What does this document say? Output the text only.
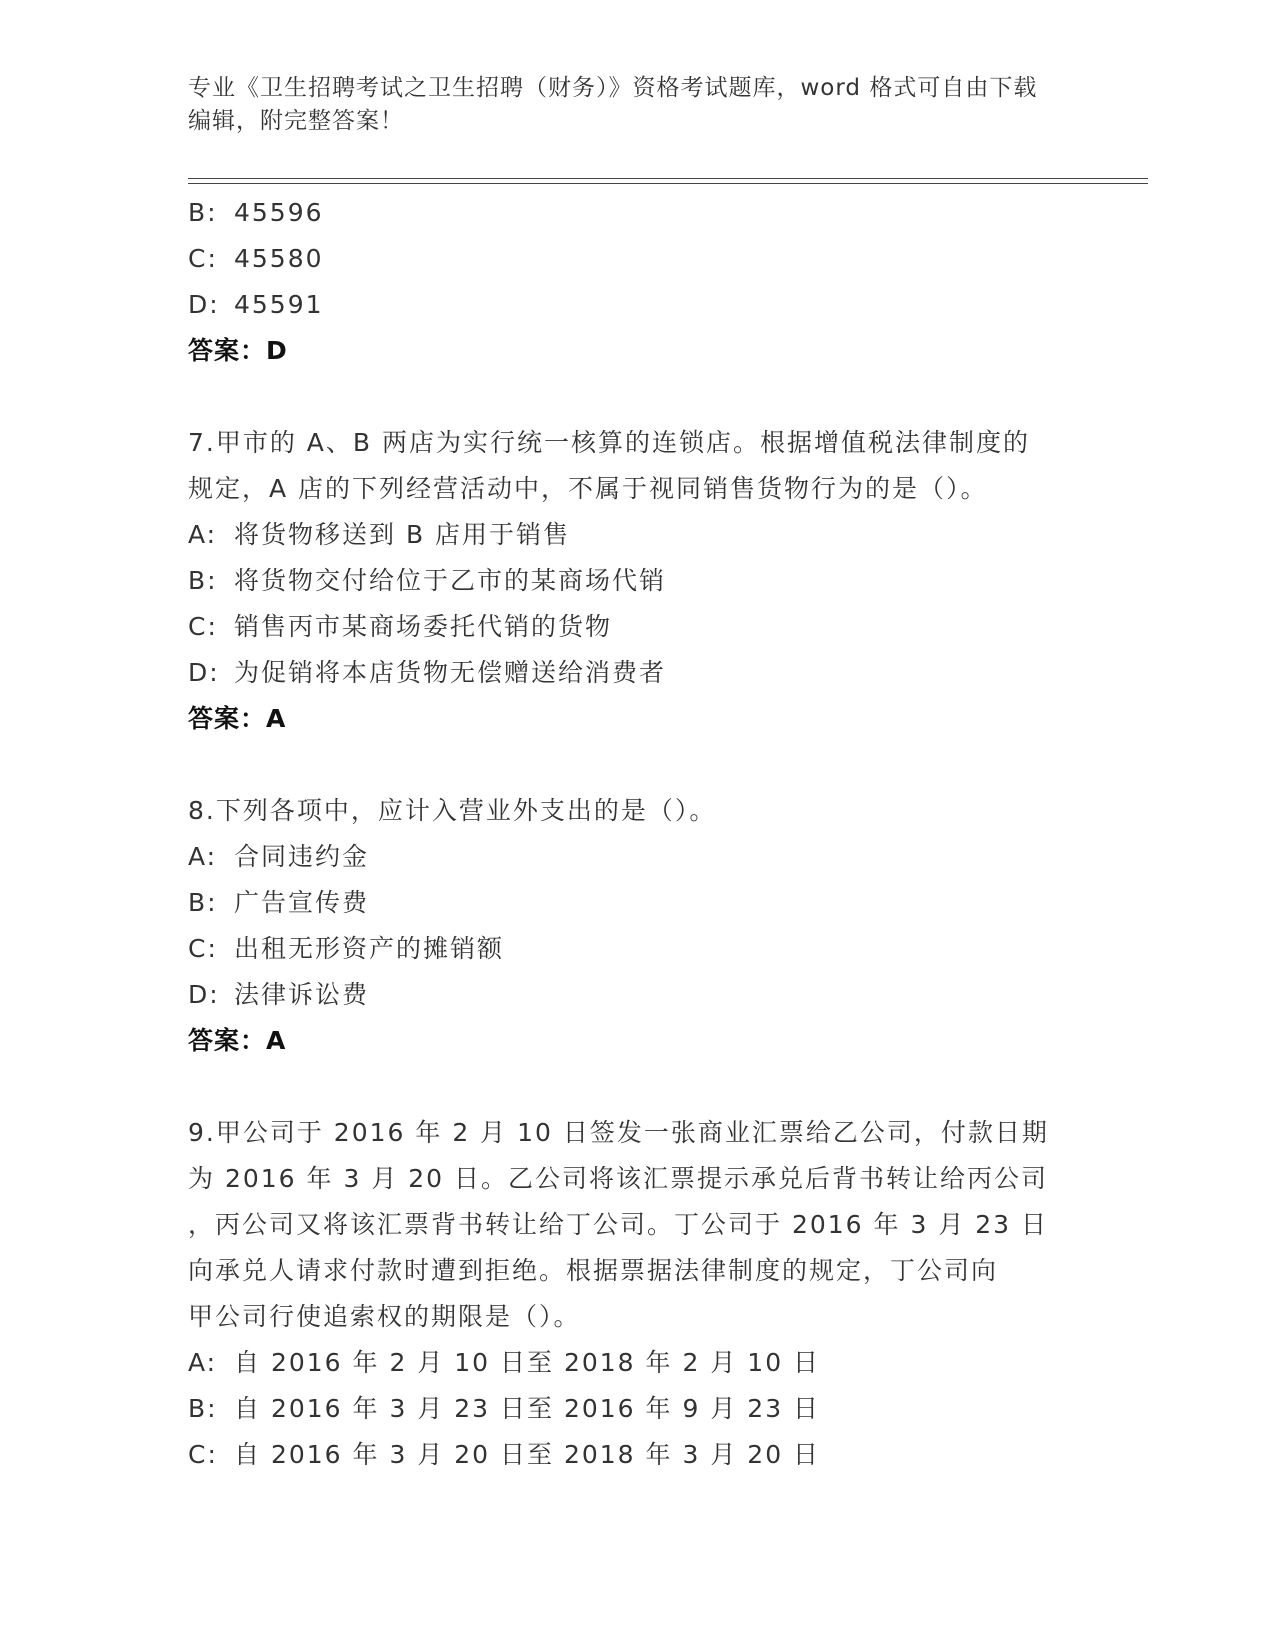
专业《卫生招聘考试之卫生招聘（财务）》资格考试题库，word 格式可自由下载
编辑，附完整答案！
B: 45596
C: 45580
D: 45591
答案：D
7.甲市的 A、B 两店为实行统一核算的连锁店。根据增值税法律制度的
规定，A 店的下列经营活动中，不属于视同销售货物行为的是（）。
A: 将货物移送到 B 店用于销售
B: 将货物交付给位于乙市的某商场代销
C: 销售丙市某商场委托代销的货物
D: 为促销将本店货物无偿赠送给消费者
答案：A
8.下列各项中，应计入营业外支出的是（）。
A: 合同违约金
B: 广告宣传费
C: 出租无形资产的摊销额
D: 法律诉讼费
答案：A
9.甲公司于 2016 年 2 月 10 日签发一张商业汇票给乙公司，付款日期
为 2016 年 3 月 20 日。乙公司将该汇票提示承兑后背书转让给丙公司
，丙公司又将该汇票背书转让给丁公司。丁公司于 2016 年 3 月 23 日
向承兑人请求付款时遭到拒绝。根据票据法律制度的规定，丁公司向
甲公司行使追索权的期限是（）。
A: 自 2016 年 2 月 10 日至 2018 年 2 月 10 日
B: 自 2016 年 3 月 23 日至 2016 年 9 月 23 日
C: 自 2016 年 3 月 20 日至 2018 年 3 月 20 日
